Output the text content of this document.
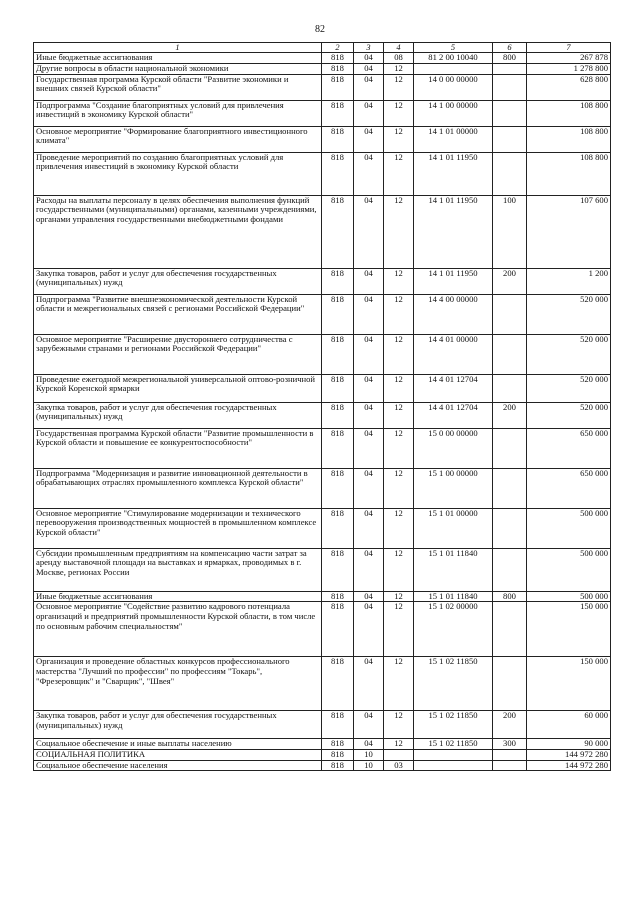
82
1	2	3	4	5	6	7
Иные бюджетные ассигнования	818	04	08	81 2 00 10040	800	267 878
Другие вопросы в области национальной экономики	818	04	12			1 278 800
Государственная программа Курской области "Развитие экономики и внешних связей Курской области"	818	04	12	14 0 00 00000		628 800
Подпрограмма "Создание благоприятных условий для привлечения инвестиций в экономику Курской области"	818	04	12	14 1 00 00000		108 800
Основное мероприятие "Формирование благоприятного инвестиционного климата"	818	04	12	14 1 01 00000		108 800
Проведение мероприятий по созданию благоприятных условий для привлечения инвестиций в экономику Курской области	818	04	12	14 1 01 11950		108 800
Расходы на выплаты персоналу в целях обеспечения выполнения функций государственными (муниципальными) органами, казенными учреждениями, органами управления государственными внебюджетными фондами	818	04	12	14 1 01 11950	100	107 600
Закупка товаров, работ и услуг для обеспечения государственных (муниципальных) нужд	818	04	12	14 1 01 11950	200	1 200
Подпрограмма "Развитие внешнеэкономической деятельности Курской области и межрегиональных связей с регионами Российской Федерации"	818	04	12	14 4 00 00000		520 000
Основное мероприятие "Расширение двустороннего сотрудничества с зарубежными странами и регионами Российской Федерации"	818	04	12	14 4 01 00000		520 000
Проведение ежегодной межрегиональной универсальной оптово-розничной Курской Коренской ярмарки	818	04	12	14 4 01 12704		520 000
Закупка товаров, работ и услуг для обеспечения государственных (муниципальных) нужд	818	04	12	14 4 01 12704	200	520 000
Государственная программа Курской области "Развитие промышленности в Курской области и повышение ее конкурентоспособности"	818	04	12	15 0 00 00000		650 000
Подпрограмма "Модернизация и развитие инновационной деятельности в обрабатывающих отраслях промышленного комплекса Курской области"	818	04	12	15 1 00 00000		650 000
Основное мероприятие "Стимулирование модернизации и технического перевооружения производственных мощностей в промышленном комплексе Курской области"	818	04	12	15 1 01 00000		500 000
Субсидии промышленным предприятиям на компенсацию части затрат за аренду выставочной площади на выставках и ярмарках, проводимых в г. Москве, регионах России	818	04	12	15 1 01 11840		500 000
Иные бюджетные ассигнования	818	04	12	15 1 01 11840	800	500 000
Основное мероприятие "Содействие развитию кадрового потенциала организаций и предприятий промышленности Курской области, в том числе по основным рабочим специальностям"	818	04	12	15 1 02 00000		150 000
Организация и проведение областных конкурсов профессионального мастерства "Лучший по профессии" по профессиям "Токарь", "Фрезеровщик" и "Сварщик", "Швея"	818	04	12	15 1 02 11850		150 000
Закупка товаров, работ и услуг для обеспечения государственных (муниципальных) нужд	818	04	12	15 1 02 11850	200	60 000
Социальное обеспечение и иные выплаты населению	818	04	12	15 1 02 11850	300	90 000
СОЦИАЛЬНАЯ ПОЛИТИКА	818	10				144 972 280
Социальное обеспечение населения	818	10	03			144 972 280
